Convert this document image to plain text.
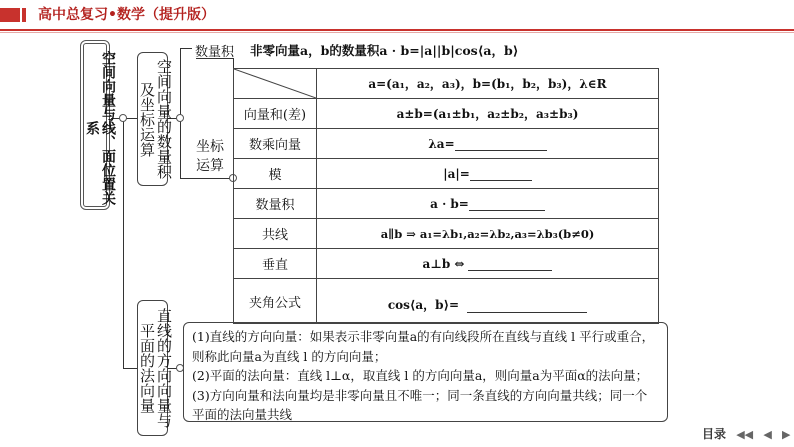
高中总复习•数学（提升版）
空间向量与线、面位置关系	空间向量的数量积及坐标运算
直线的方向向量与平面的法向量
数量积 非零向量a，b的数量积a · b=|a||b|cos⟨a，b⟩
坐标运算
	a=(a₁，a₂，a₃)，b=(b₁，b₂，b₃)，λ∈R
向量和(差)	a±b=(a₁±b₁，a₂±b₂，a₃±b₃)
数乘向量	λa=
模	|a|=
数量积	a · b=
共线	a∥b ⇒ a₁=λb₁,a₂=λb₂,a₃=λb₃(b≠0)
垂直	a⊥b ⇔
夹角公式	cos⟨a，b⟩=

(1)直线的方向向量：如果表示非零向量a的有向线段所在直线与直线 l 平行或重合，则称此向量a为直线 l 的方向向量；

(2)平面的法向量：直线 l⊥α，取直线 l 的方向向量a，则向量a为平面α的法向量；

(3)方向向量和法向量均是非零向量且不唯一；同一条直线的方向向量共线；同一个平面的法向量共线

目录 ◀◀ ◀ ▶
